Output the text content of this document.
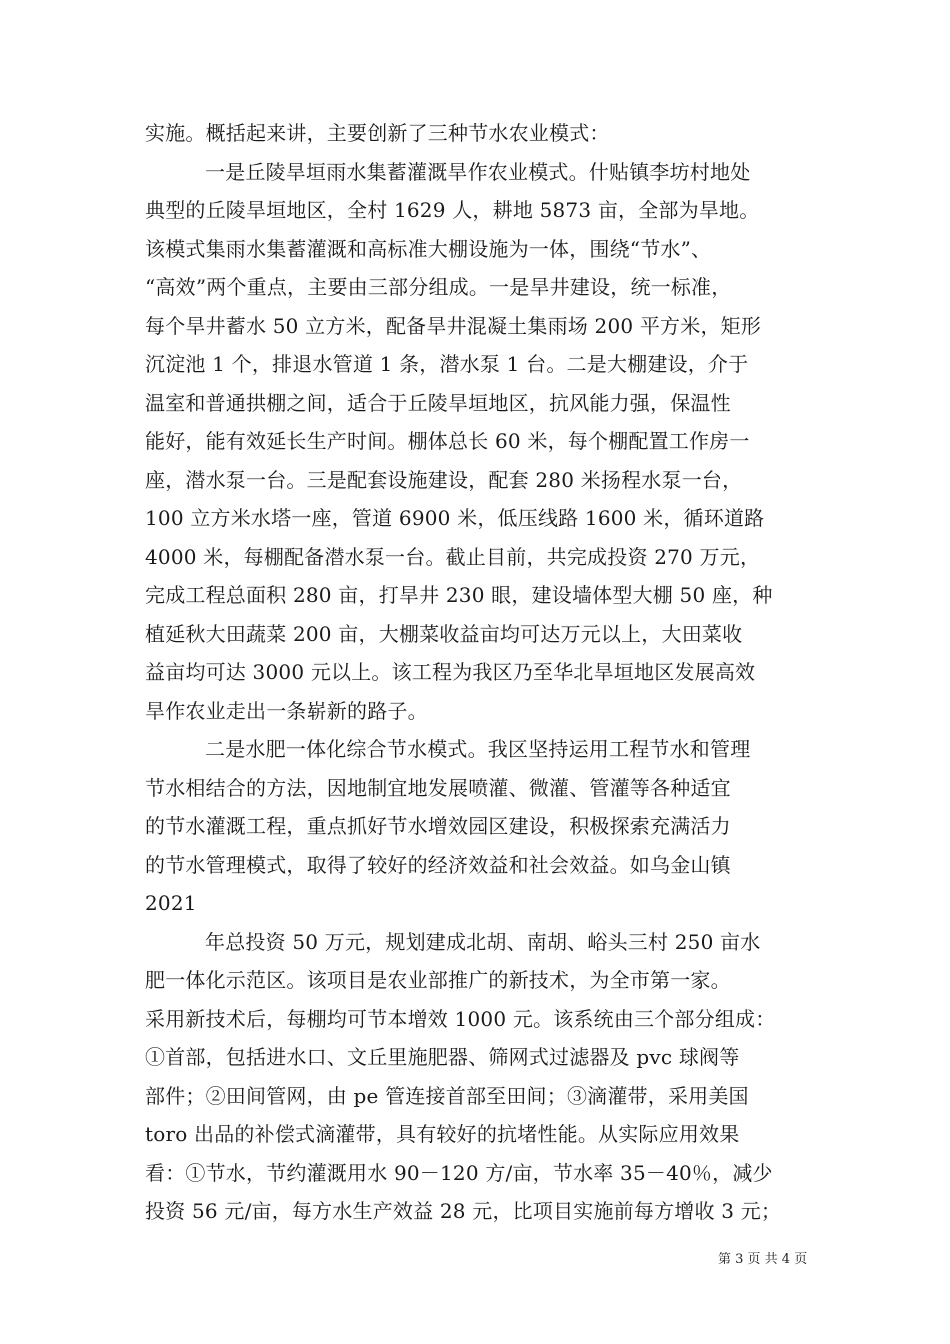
实施。概括起来讲，主要创新了三种节水农业模式：
一是丘陵旱垣雨水集蓄灌溉旱作农业模式。什贴镇李坊村地处
典型的丘陵旱垣地区，全村 1629 人，耕地 5873 亩，全部为旱地。
该模式集雨水集蓄灌溉和高标准大棚设施为一体，围绕“节水”、
“高效”两个重点，主要由三部分组成。一是旱井建设，统一标准，
每个旱井蓄水 50 立方米，配备旱井混凝土集雨场 200 平方米，矩形
沉淀池 1 个，排退水管道 1 条，潜水泵 1 台。二是大棚建设，介于
温室和普通拱棚之间，适合于丘陵旱垣地区，抗风能力强，保温性
能好，能有效延长生产时间。棚体总长 60 米，每个棚配置工作房一
座，潜水泵一台。三是配套设施建设，配套 280 米扬程水泵一台，
100 立方米水塔一座，管道 6900 米，低压线路 1600 米，循环道路
4000 米，每棚配备潜水泵一台。截止目前，共完成投资 270 万元，
完成工程总面积 280 亩，打旱井 230 眼，建设墙体型大棚 50 座，种
植延秋大田蔬菜 200 亩，大棚菜收益亩均可达万元以上，大田菜收
益亩均可达 3000 元以上。该工程为我区乃至华北旱垣地区发展高效
旱作农业走出一条崭新的路子。
二是水肥一体化综合节水模式。我区坚持运用工程节水和管理
节水相结合的方法，因地制宜地发展喷灌、微灌、管灌等各种适宜
的节水灌溉工程，重点抓好节水增效园区建设，积极探索充满活力
的节水管理模式，取得了较好的经济效益和社会效益。如乌金山镇
2021
年总投资 50 万元，规划建成北胡、南胡、峪头三村 250 亩水
肥一体化示范区。该项目是农业部推广的新技术，为全市第一家。
采用新技术后，每棚均可节本增效 1000 元。该系统由三个部分组成：
①首部，包括进水口、文丘里施肥器、筛网式过滤器及 pvc 球阀等
部件；②田间管网，由 pe 管连接首部至田间；③滴灌带，采用美国
toro 出品的补偿式滴灌带，具有较好的抗堵性能。从实际应用效果
看：①节水，节约灌溉用水 90－120 方/亩，节水率 35－40％，减少
投资 56 元/亩，每方水生产效益 28 元，比项目实施前每方增收 3 元；
第 3 页 共 4 页
